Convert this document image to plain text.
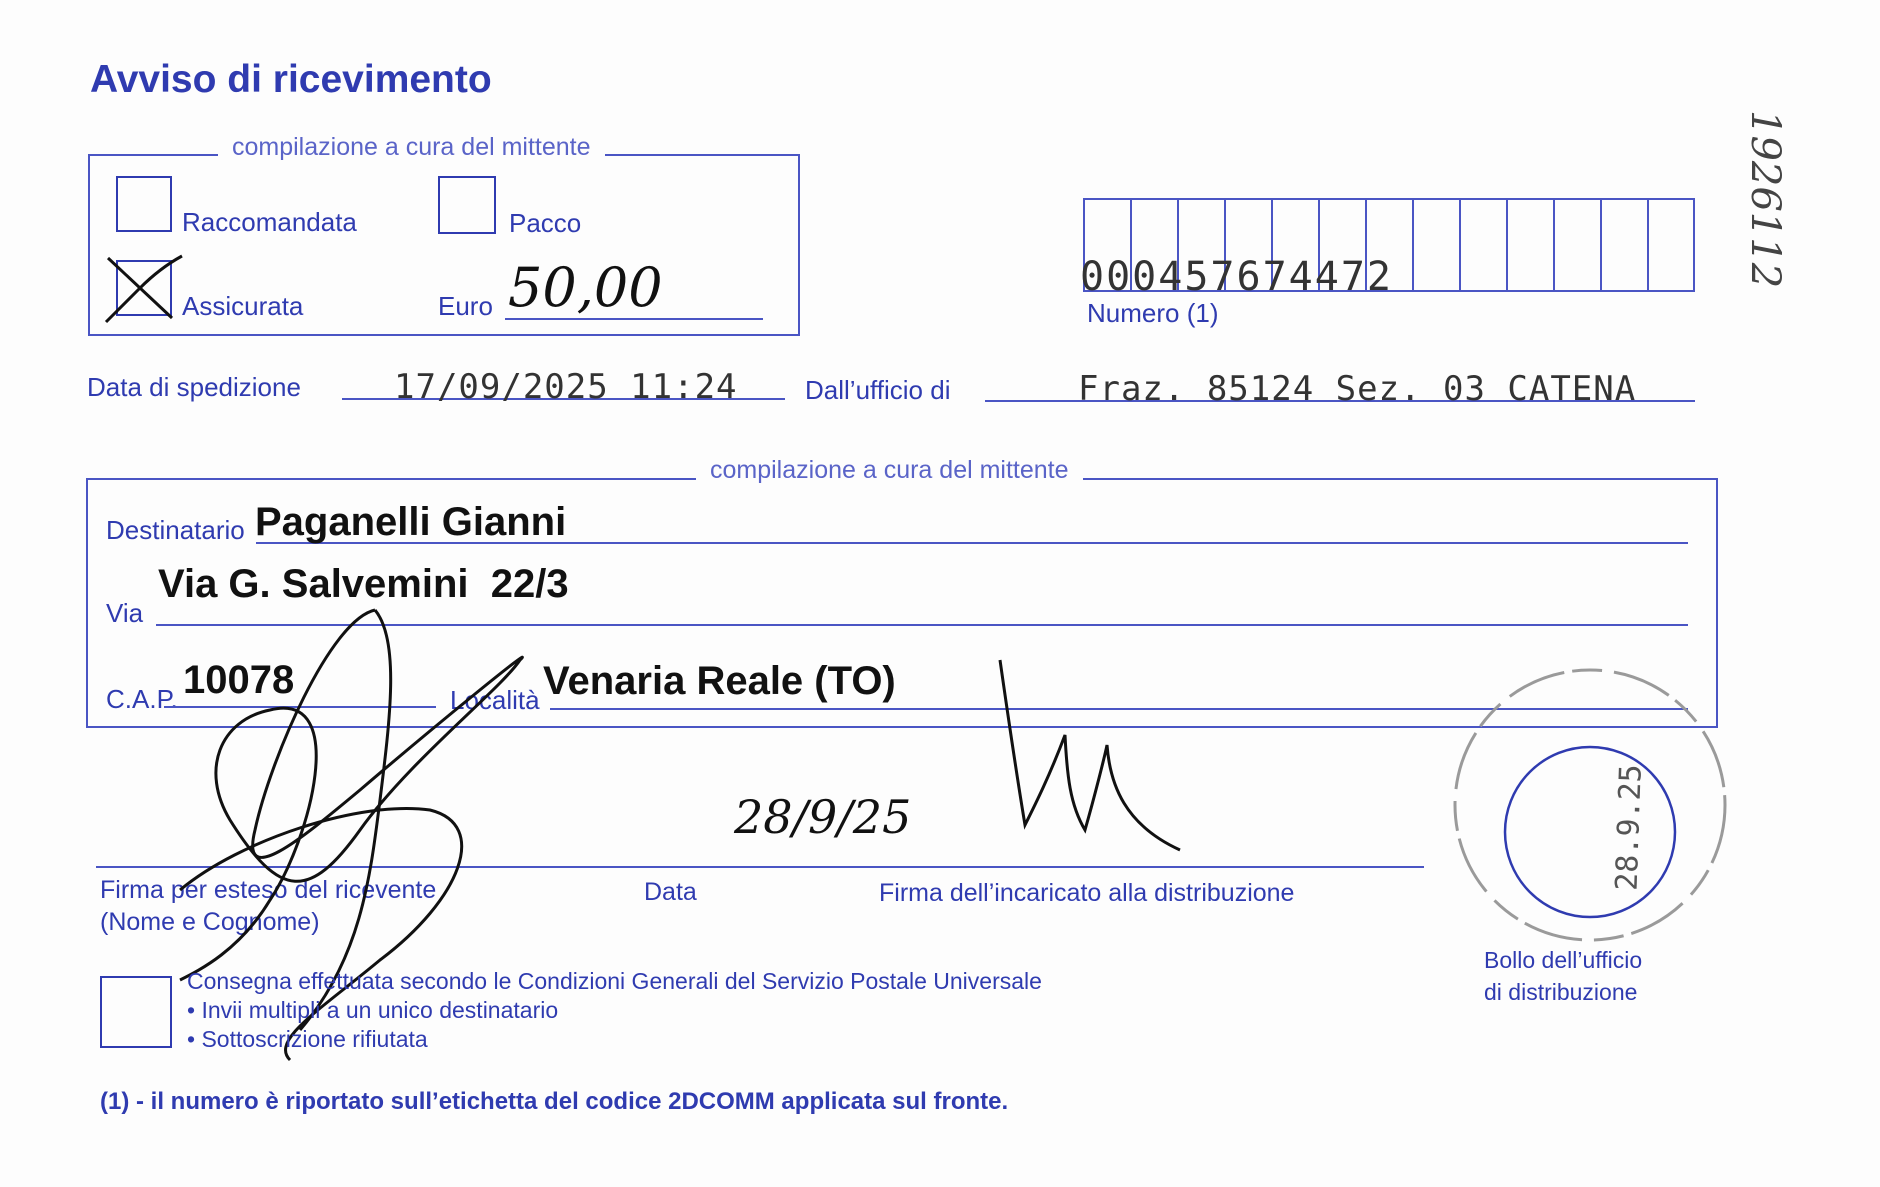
Avviso di ricevimento
compilazione a cura del mittente
Raccomandata	Pacco
Assicurata	Euro 50,00	000457674472
Numero (1)
Data di spedizione	17/09/2025 11:24	Dall’ufficio di	Fraz. 85124 Sez. 03 CATENA
compilazione a cura del mittente
Destinatario Paganelli Gianni
Via
Via G. Salvemini  22/3
C.A.P. 10078	Località Venaria Reale (TO)
Firma per esteso del ricevente
(Nome e Cognome)
Data	Firma dell’incaricato alla distribuzione
28/9/25
Consegna effettuata secondo le Condizioni Generali del Servizio Postale Universale
• Invii multipli a un unico destinatario
• Sottoscrizione rifiutata
28.9.25
Bollo dell’ufficio
di distribuzione
(1) - il numero è riportato sull’etichetta del codice 2DCOMM applicata sul fronte.
1926112
